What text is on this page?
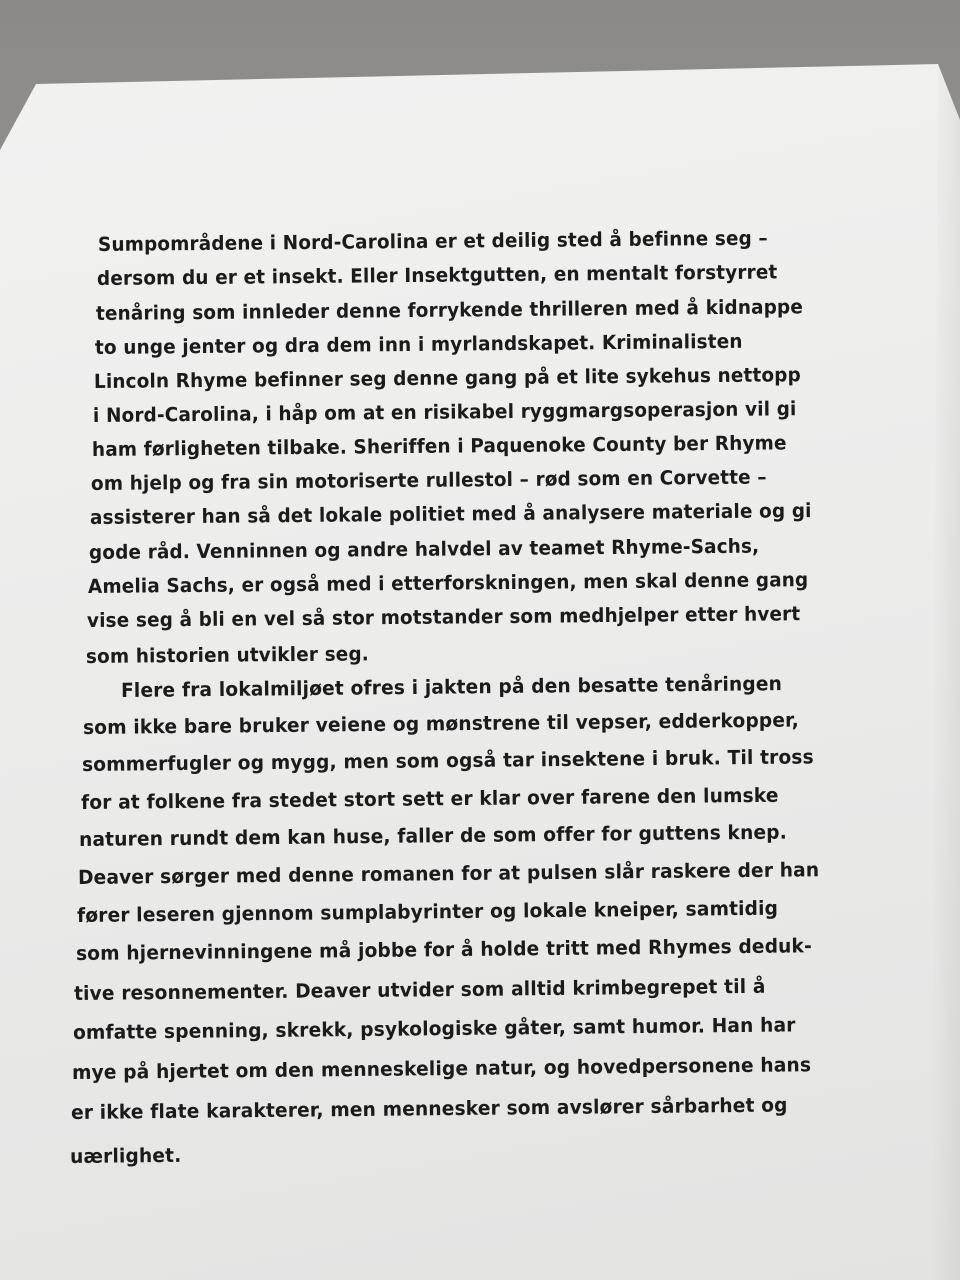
Sumpområdene i Nord-Carolina er et deilig sted å befinne seg –
dersom du er et insekt. Eller Insektgutten, en mentalt forstyrret
tenåring som innleder denne forrykende thrilleren med å kidnappe
to unge jenter og dra dem inn i myrlandskapet. Kriminalisten
Lincoln Rhyme befinner seg denne gang på et lite sykehus nettopp
i Nord-Carolina, i håp om at en risikabel ryggmargsoperasjon vil gi
ham førligheten tilbake. Sheriffen i Paquenoke County ber Rhyme
om hjelp og fra sin motoriserte rullestol – rød som en Corvette –
assisterer han så det lokale politiet med å analysere materiale og gi
gode råd. Venninnen og andre halvdel av teamet Rhyme-Sachs,
Amelia Sachs, er også med i etterforskningen, men skal denne gang
vise seg å bli en vel så stor motstander som medhjelper etter hvert
som historien utvikler seg.
Flere fra lokalmiljøet ofres i jakten på den besatte tenåringen
som ikke bare bruker veiene og mønstrene til vepser, edderkopper,
sommerfugler og mygg, men som også tar insektene i bruk. Til tross
for at folkene fra stedet stort sett er klar over farene den lumske
naturen rundt dem kan huse, faller de som offer for guttens knep.
Deaver sørger med denne romanen for at pulsen slår raskere der han
fører leseren gjennom sumplabyrinter og lokale kneiper, samtidig
som hjernevinningene må jobbe for å holde tritt med Rhymes deduk-
tive resonnementer. Deaver utvider som alltid krimbegrepet til å
omfatte spenning, skrekk, psykologiske gåter, samt humor. Han har
mye på hjertet om den menneskelige natur, og hovedpersonene hans
er ikke flate karakterer, men mennesker som avslører sårbarhet og
uærlighet.
